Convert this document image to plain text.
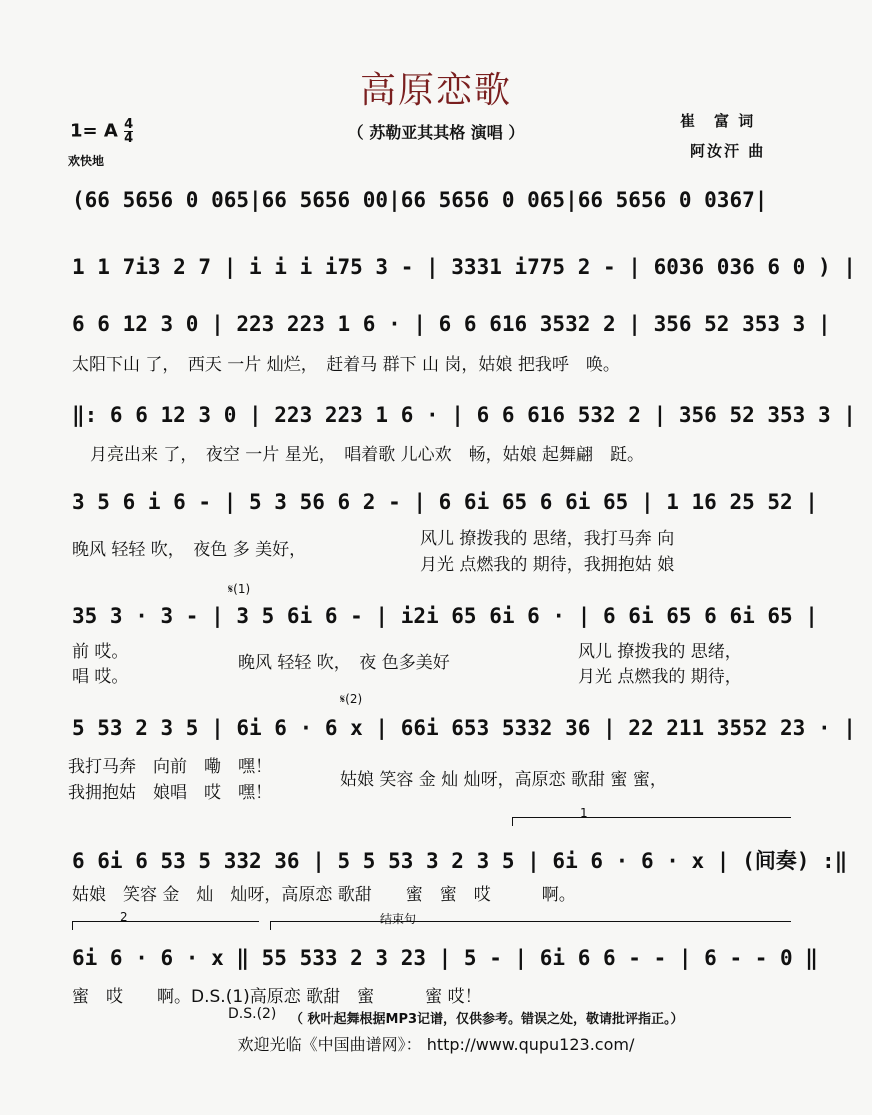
高原恋歌
（ 苏勒亚其其格 演唱 ）
1= A $\frac{4}{4}$
欢快地
崔　富 词
阿汝汗 曲
(66 5656 0 065|66 5656 00|66 5656 0 065|66 5656 0 0367|
1 1 7i3 2 7 | i i i i75 3 - | 3331 i775 2 - | 6036 036 6 0 ) |
6 6 12 3 0 | 223 223 1 6 · | 6 6 616 3532 2 | 356 52 353 3 |
太阳下山 了，　西天 一片 灿烂，　赶着马 群下 山 岗，姑娘 把我呼　唤。
‖: 6 6 12 3 0 | 223 223 1 6 · | 6 6 616 532 2 | 356 52 353 3 |
月亮出来 了，　夜空 一片 星光，　唱着歌 儿心欢　畅，姑娘 起舞翩　跹。
3 5 6 i 6 - | 5 3 56 6 2 - | 6 6i 65 6 6i 65 | 1 16 25 52 |
晚风 轻轻 吹，　夜色 多 美好，
风儿 撩拨我的 思绪，我打马奔 向
月光 点燃我的 期待，我拥抱姑 娘
𝄋(1)
35 3 · 3 - | 3 5 6i 6 - | i2i 65 6i 6 · | 6 6i 65 6 6i 65 |
前 哎。
唱 哎。
晚风 轻轻 吹，　夜 色多美好
风儿 撩拨我的 思绪，
月光 点燃我的 期待，
𝄋(2)
5 53 2 3 5 | 6i 6 · 6 x | 66i 653 5332 36 | 22 211 3552 23 · |
我打马奔　向前　嘞　嘿！
我拥抱姑　娘唱　哎　嘿！
姑娘 笑容 金 灿 灿呀，高原恋 歌甜 蜜 蜜，
1
6 6i 6 53 5 332 36 | 5 5 53 3 2 3 5 | 6i 6 · 6 · x | (间奏) :‖
姑娘　笑容 金　灿　灿呀，高原恋 歌甜　　蜜　蜜　哎　　　啊。
2	结束句
6i 6 · 6 · x ‖ 55 533 2 3 23 | 5 - | 6i 6 6 - - | 6 - - 0 ‖
蜜　哎　　啊。D.S.(1)高原恋 歌甜　蜜　　　蜜 哎！
D.S.(2) （ 秋叶起舞根据MP3记谱，仅供参考。错误之处，敬请批评指正。）
欢迎光临《中国曲谱网》： http://www.qupu123.com/
